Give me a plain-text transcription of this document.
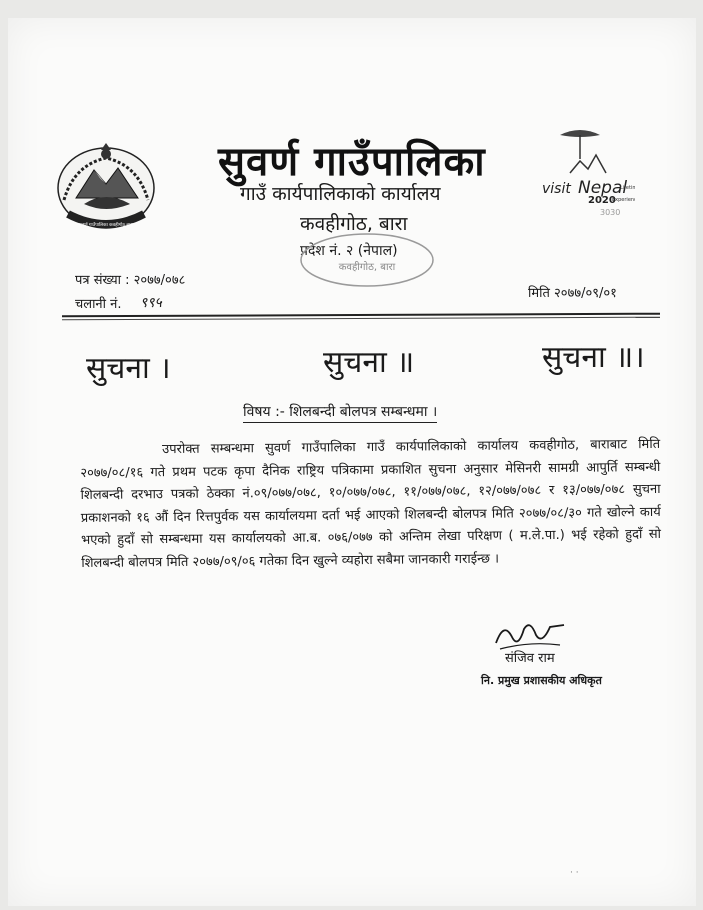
सुवर्ण गाउँपालिका कवहीगोठ बारा
visit Nepal
Lifetim
2020
Experien
3030
सुवर्ण गाउँपालिका
गाउँ कार्यपालिकाको कार्यालय
कवहीगोठ, बारा
प्रदेश नं. २ (नेपाल)
कवहीगोठ, बारा
पत्र संख्या : २०७७/०७८
चलानी नं. ९९५
मिति २०७७/०९/०१
सुचना ।	सुचना ॥	सुचना ॥।
विषय :- शिलबन्दी बोलपत्र सम्बन्धमा ।
उपरोक्त सम्बन्धमा सुवर्ण गाउँपालिका गाउँ कार्यपालिकाको कार्यालय कवहीगोठ, बाराबाट मिति २०७७/०८/१६ गते प्रथम पटक कृपा दैनिक राष्ट्रिय पत्रिकामा प्रकाशित सुचना अनुसार मेसिनरी सामग्री आपुर्ति सम्बन्धी शिलबन्दी दरभाउ पत्रको ठेक्का नं.०९/०७७/०७८, १०/०७७/०७८, ११/०७७/०७८, १२/०७७/०७८ र १३/०७७/०७८ सुचना प्रकाशनको १६ औं दिन रित्तपुर्वक यस कार्यालयमा दर्ता भई आएको शिलबन्दी बोलपत्र मिति २०७७/०८/३० गते खोल्ने कार्य भएको हुदाँ सो सम्बन्धमा यस कार्यालयको आ.ब. ०७६/०७७ को अन्तिम लेखा परिक्षण ( म.ले.पा.) भई रहेको हुदाँ सो शिलबन्दी बोलपत्र मिति २०७७/०९/०६ गतेका दिन खुल्ने व्यहोरा सबैमा जानकारी गराईन्छ ।
संजिव राम
नि. प्रमुख प्रशासकीय अधिकृत
· ·
